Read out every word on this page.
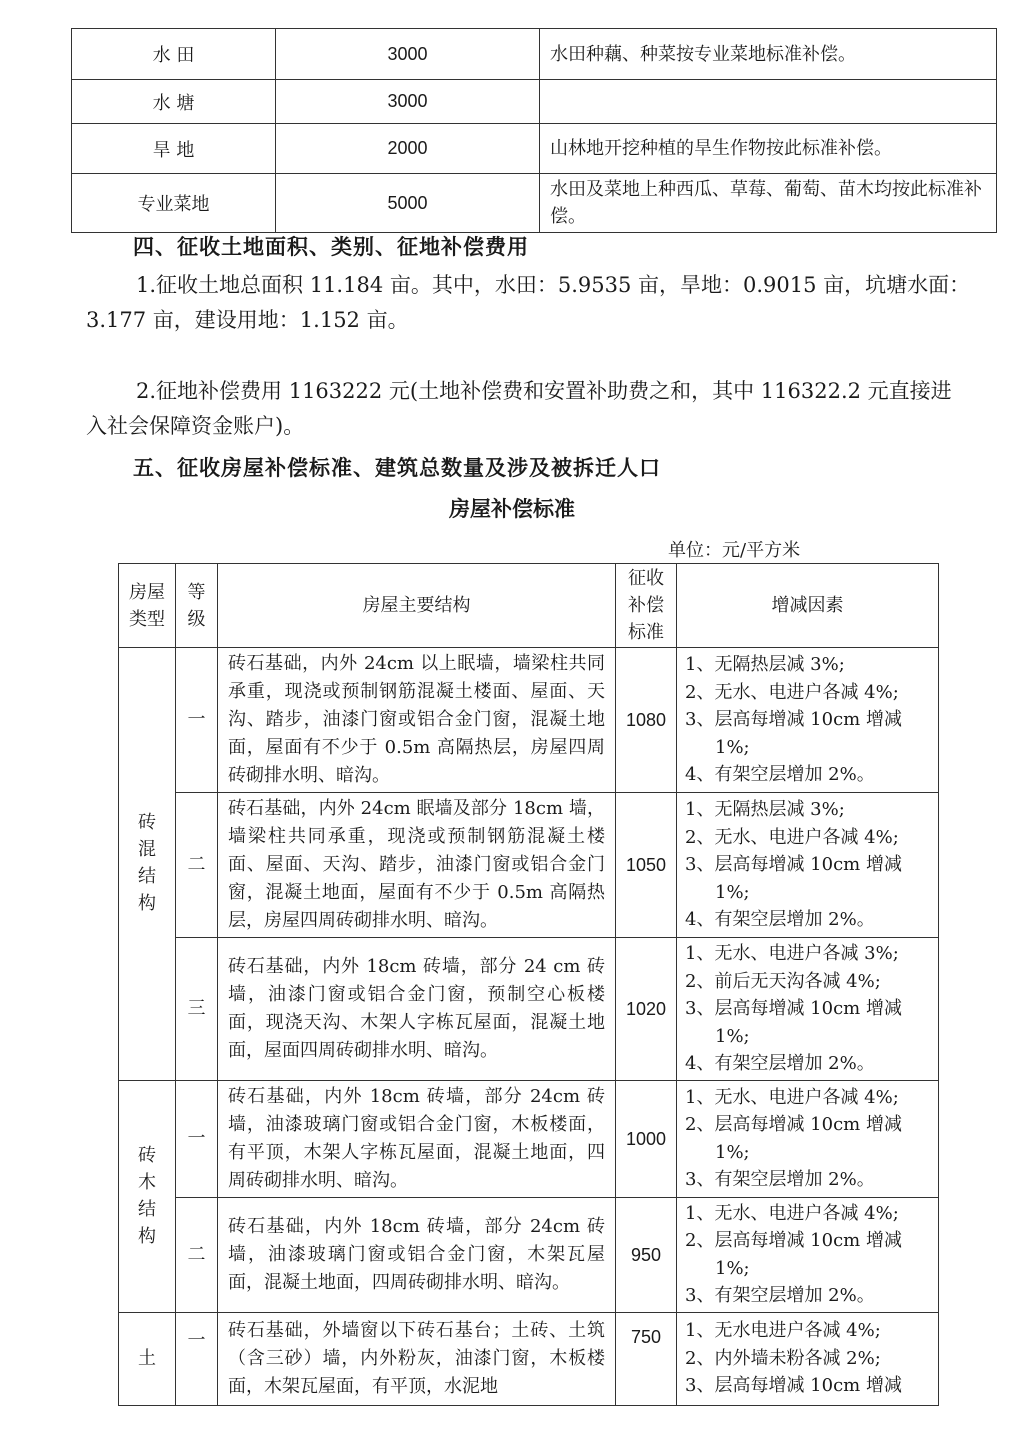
水 田	3000	水田种藕、种菜按专业菜地标准补偿。
水 塘	3000	
旱 地	2000	山林地开挖种植的旱生作物按此标准补偿。
专业菜地	5000	水田及菜地上种西瓜、草莓、葡萄、苗木均按此标准补偿。

四、征收土地面积、类别、征地补偿费用

1.征收土地总面积 11.184 亩。其中，水田：5.9535 亩，旱地：0.9015 亩，坑塘水面：3.177 亩，建设用地：1.152 亩。

2.征地补偿费用 1163222 元(土地补偿费和安置补助费之和，其中 116322.2 元直接进入社会保障资金账户)。

五、征收房屋补偿标准、建筑总数量及涉及被拆迁人口

房屋补偿标准

单位：元/平方米

房屋类型	等级	房屋主要结构	征收补偿标准	增减因素
砖混结构	一	砖石基础，内外 24cm 以上眠墙，墙梁柱共同承重，现浇或预制钢筋混凝土楼面、屋面、天沟、踏步，油漆门窗或铝合金门窗，混凝土地面，屋面有不少于 0.5m 高隔热层，房屋四周砖砌排水明、暗沟。	1080	1、无隔热层减 3%;
2、无水、电进户各减 4%;
3、层高每增减 10cm 增减
1%;
4、有架空层增加 2%。

	二	砖石基础，内外 24cm 眠墙及部分 18cm 墙，墙梁柱共同承重，现浇或预制钢筋混凝土楼面、屋面、天沟、踏步，油漆门窗或铝合金门窗，混凝土地面，屋面有不少于 0.5m 高隔热层，房屋四周砖砌排水明、暗沟。	1050	1、无隔热层减 3%;
2、无水、电进户各减 4%;
3、层高每增减 10cm 增减
1%;
4、有架空层增加 2%。

	三	砖石基础，内外 18cm 砖墙，部分 24 cm 砖墙，油漆门窗或铝合金门窗，预制空心板楼面，现浇天沟、木架人字栋瓦屋面，混凝土地面，屋面四周砖砌排水明、暗沟。	1020	1、无水、电进户各减 3%;
2、前后无天沟各减 4%;
3、层高每增减 10cm 增减
1%;
4、有架空层增加 2%。

砖木结构	一	砖石基础，内外 18cm 砖墙，部分 24cm 砖墙，油漆玻璃门窗或铝合金门窗，木板楼面，有平顶，木架人字栋瓦屋面，混凝土地面，四周砖砌排水明、暗沟。	1000	1、无水、电进户各减 4%;
2、层高每增减 10cm 增减
1%;
3、有架空层增加 2%。

	二	砖石基础，内外 18cm 砖墙，部分 24cm 砖墙，油漆玻璃门窗或铝合金门窗，木架瓦屋面，混凝土地面，四周砖砌排水明、暗沟。	950	1、无水、电进户各减 4%;
2、层高每增减 10cm 增减
1%;
3、有架空层增加 2%。

土	一	砖石基础，外墙窗以下砖石基台；土砖、土筑（含三砂）墙，内外粉灰，油漆门窗，木板楼面，木架瓦屋面，有平顶，水泥地	750	1、无水电进户各减 4%;
2、内外墙未粉各减 2%;
3、层高每增减 10cm 增减
